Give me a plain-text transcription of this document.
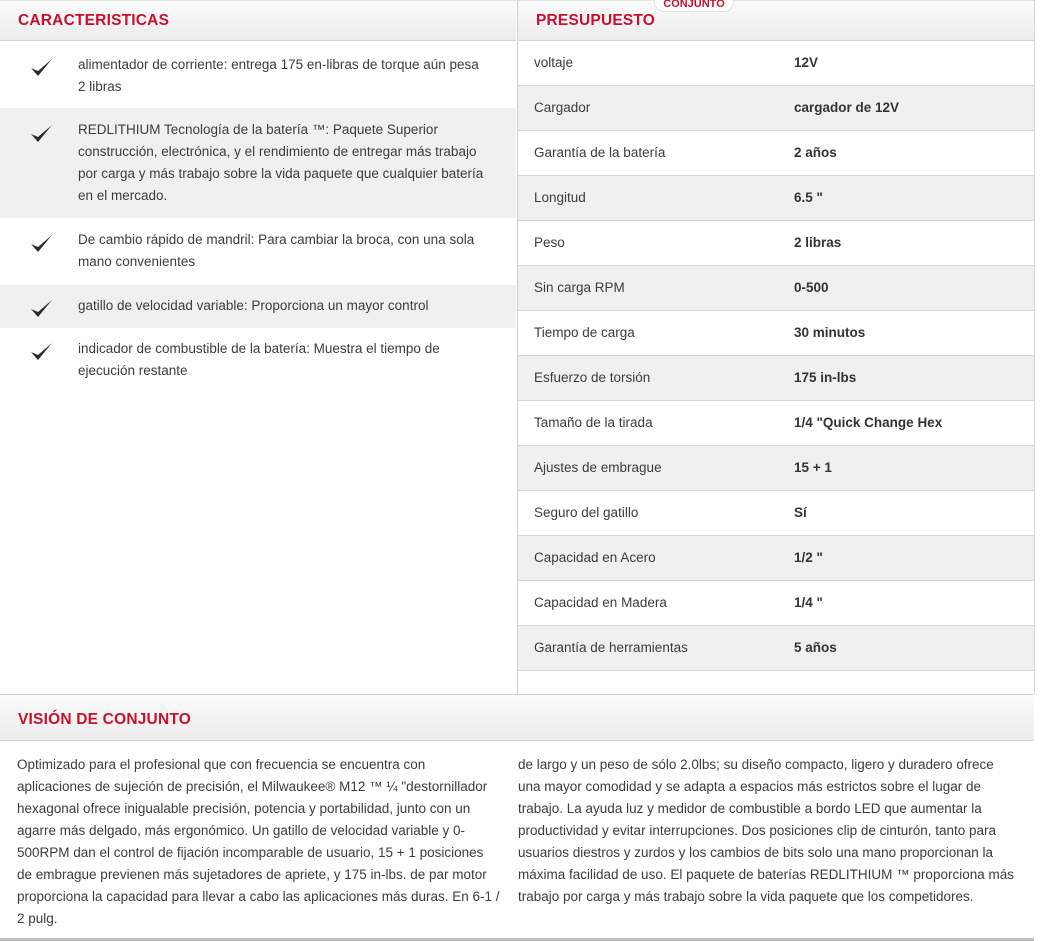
CARACTERISTICAS
alimentador de corriente: entrega 175 en-libras de torque aún pesa 2 libras
REDLITHIUM Tecnología de la batería ™: Paquete Superior construcción, electrónica, y el rendimiento de entregar más trabajo por carga y más trabajo sobre la vida paquete que cualquier batería en el mercado.
De cambio rápido de mandril: Para cambiar la broca, con una sola mano convenientes
gatillo de velocidad variable: Proporciona un mayor control
indicador de combustible de la batería: Muestra el tiempo de ejecución restante
PRESUPUESTO
voltaje	12V
Cargador	cargador de 12V
Garantía de la batería	2 años
Longitud	6.5 "
Peso	2 libras
Sin carga RPM	0-500
Tiempo de carga	30 minutos
Esfuerzo de torsión	175 in-lbs
Tamaño de la tirada	1/4 "Quick Change Hex
Ajustes de embrague	15 + 1
Seguro del gatillo	Sí
Capacidad en Acero	1/2 "
Capacidad en Madera	1/4 "
Garantía de herramientas	5 años
CONJUNTO
VISIÓN DE CONJUNTO
Optimizado para el profesional que con frecuencia se encuentra con aplicaciones de sujeción de precisión, el Milwaukee® M12 ™ ¼ "destornillador hexagonal ofrece inigualable precisión, potencia y portabilidad, junto con un agarre más delgado, más ergonómico. Un gatillo de velocidad variable y 0-500RPM dan el control de fijación incomparable de usuario, 15 + 1 posiciones de embrague previenen más sujetadores de apriete, y 175 in-lbs. de par motor proporciona la capacidad para llevar a cabo las aplicaciones más duras. En 6-1 / 2 pulg.
de largo y un peso de sólo 2.0lbs; su diseño compacto, ligero y duradero ofrece una mayor comodidad y se adapta a espacios más estrictos sobre el lugar de trabajo. La ayuda luz y medidor de combustible a bordo LED que aumentar la productividad y evitar interrupciones. Dos posiciones clip de cinturón, tanto para usuarios diestros y zurdos y los cambios de bits solo una mano proporcionan la máxima facilidad de uso. El paquete de baterías REDLITHIUM ™ proporciona más trabajo por carga y más trabajo sobre la vida paquete que los competidores.
